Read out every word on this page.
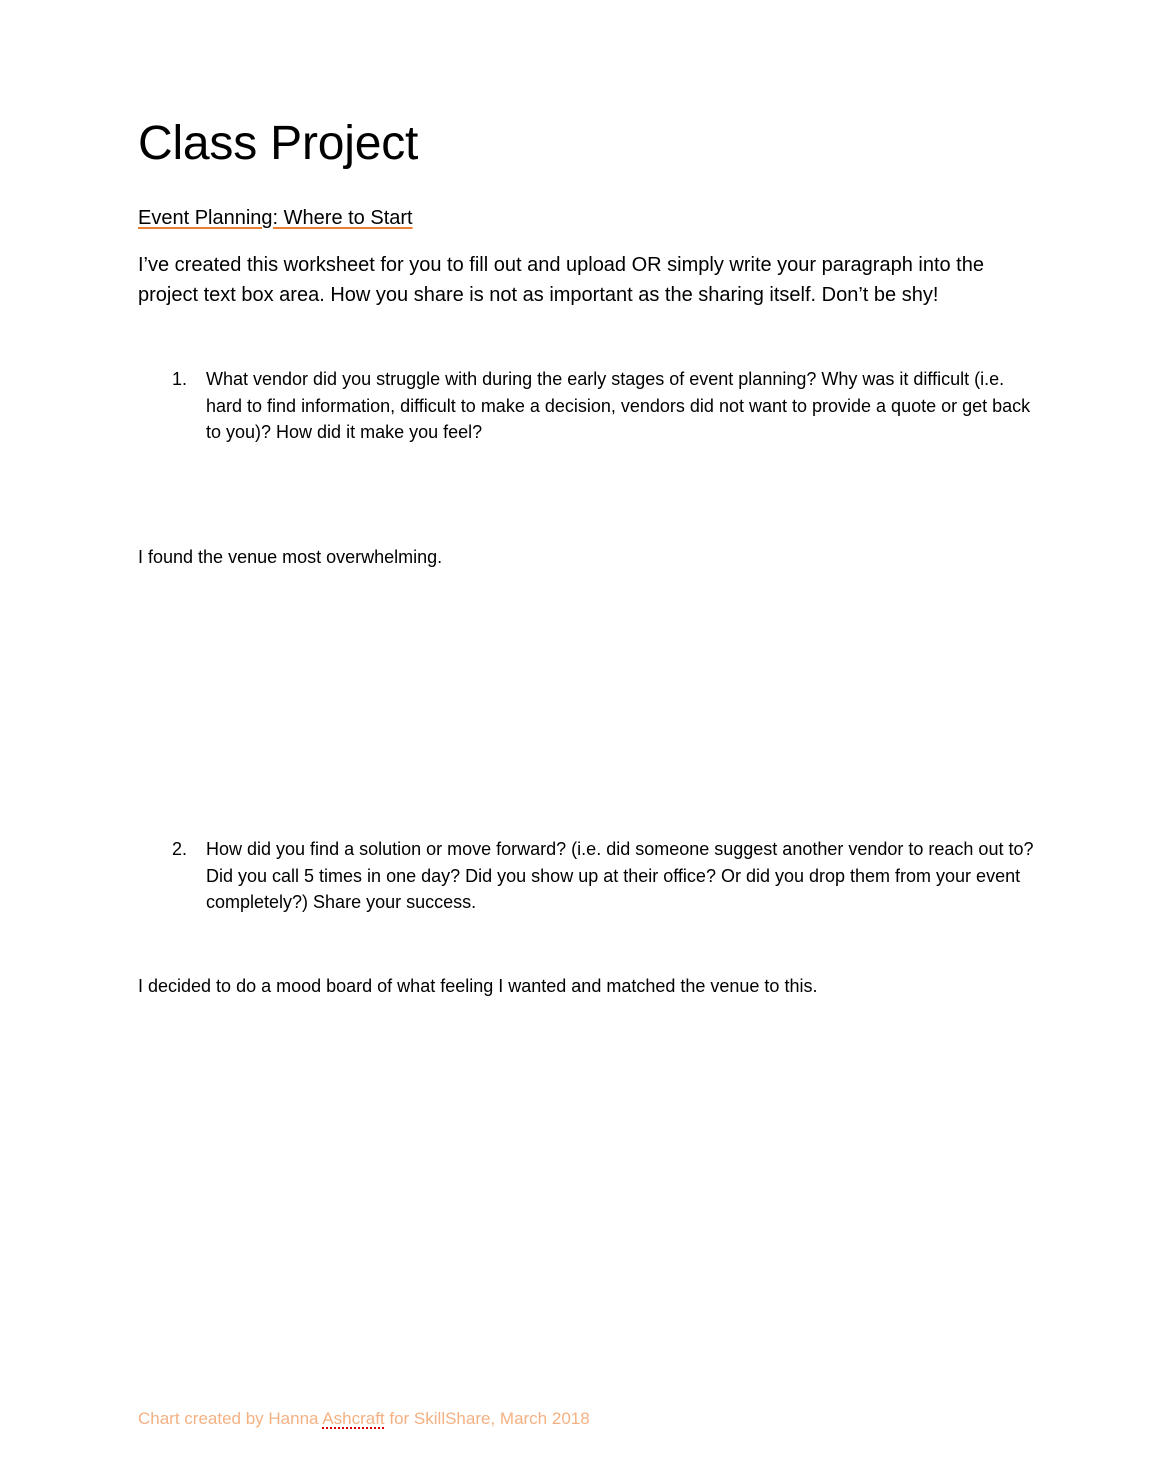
Class Project
Event Planning: Where to Start
I’ve created this worksheet for you to fill out and upload OR simply write your paragraph into the project text box area. How you share is not as important as the sharing itself. Don’t be shy!
1. What vendor did you struggle with during the early stages of event planning? Why was it difficult (i.e. hard to find information, difficult to make a decision, vendors did not want to provide a quote or get back to you)? How did it make you feel?
I found the venue most overwhelming.
2. How did you find a solution or move forward? (i.e. did someone suggest another vendor to reach out to? Did you call 5 times in one day? Did you show up at their office? Or did you drop them from your event completely?) Share your success.
I decided to do a mood board of what feeling I wanted and matched the venue to this.
Chart created by Hanna Ashcraft for SkillShare, March 2018
